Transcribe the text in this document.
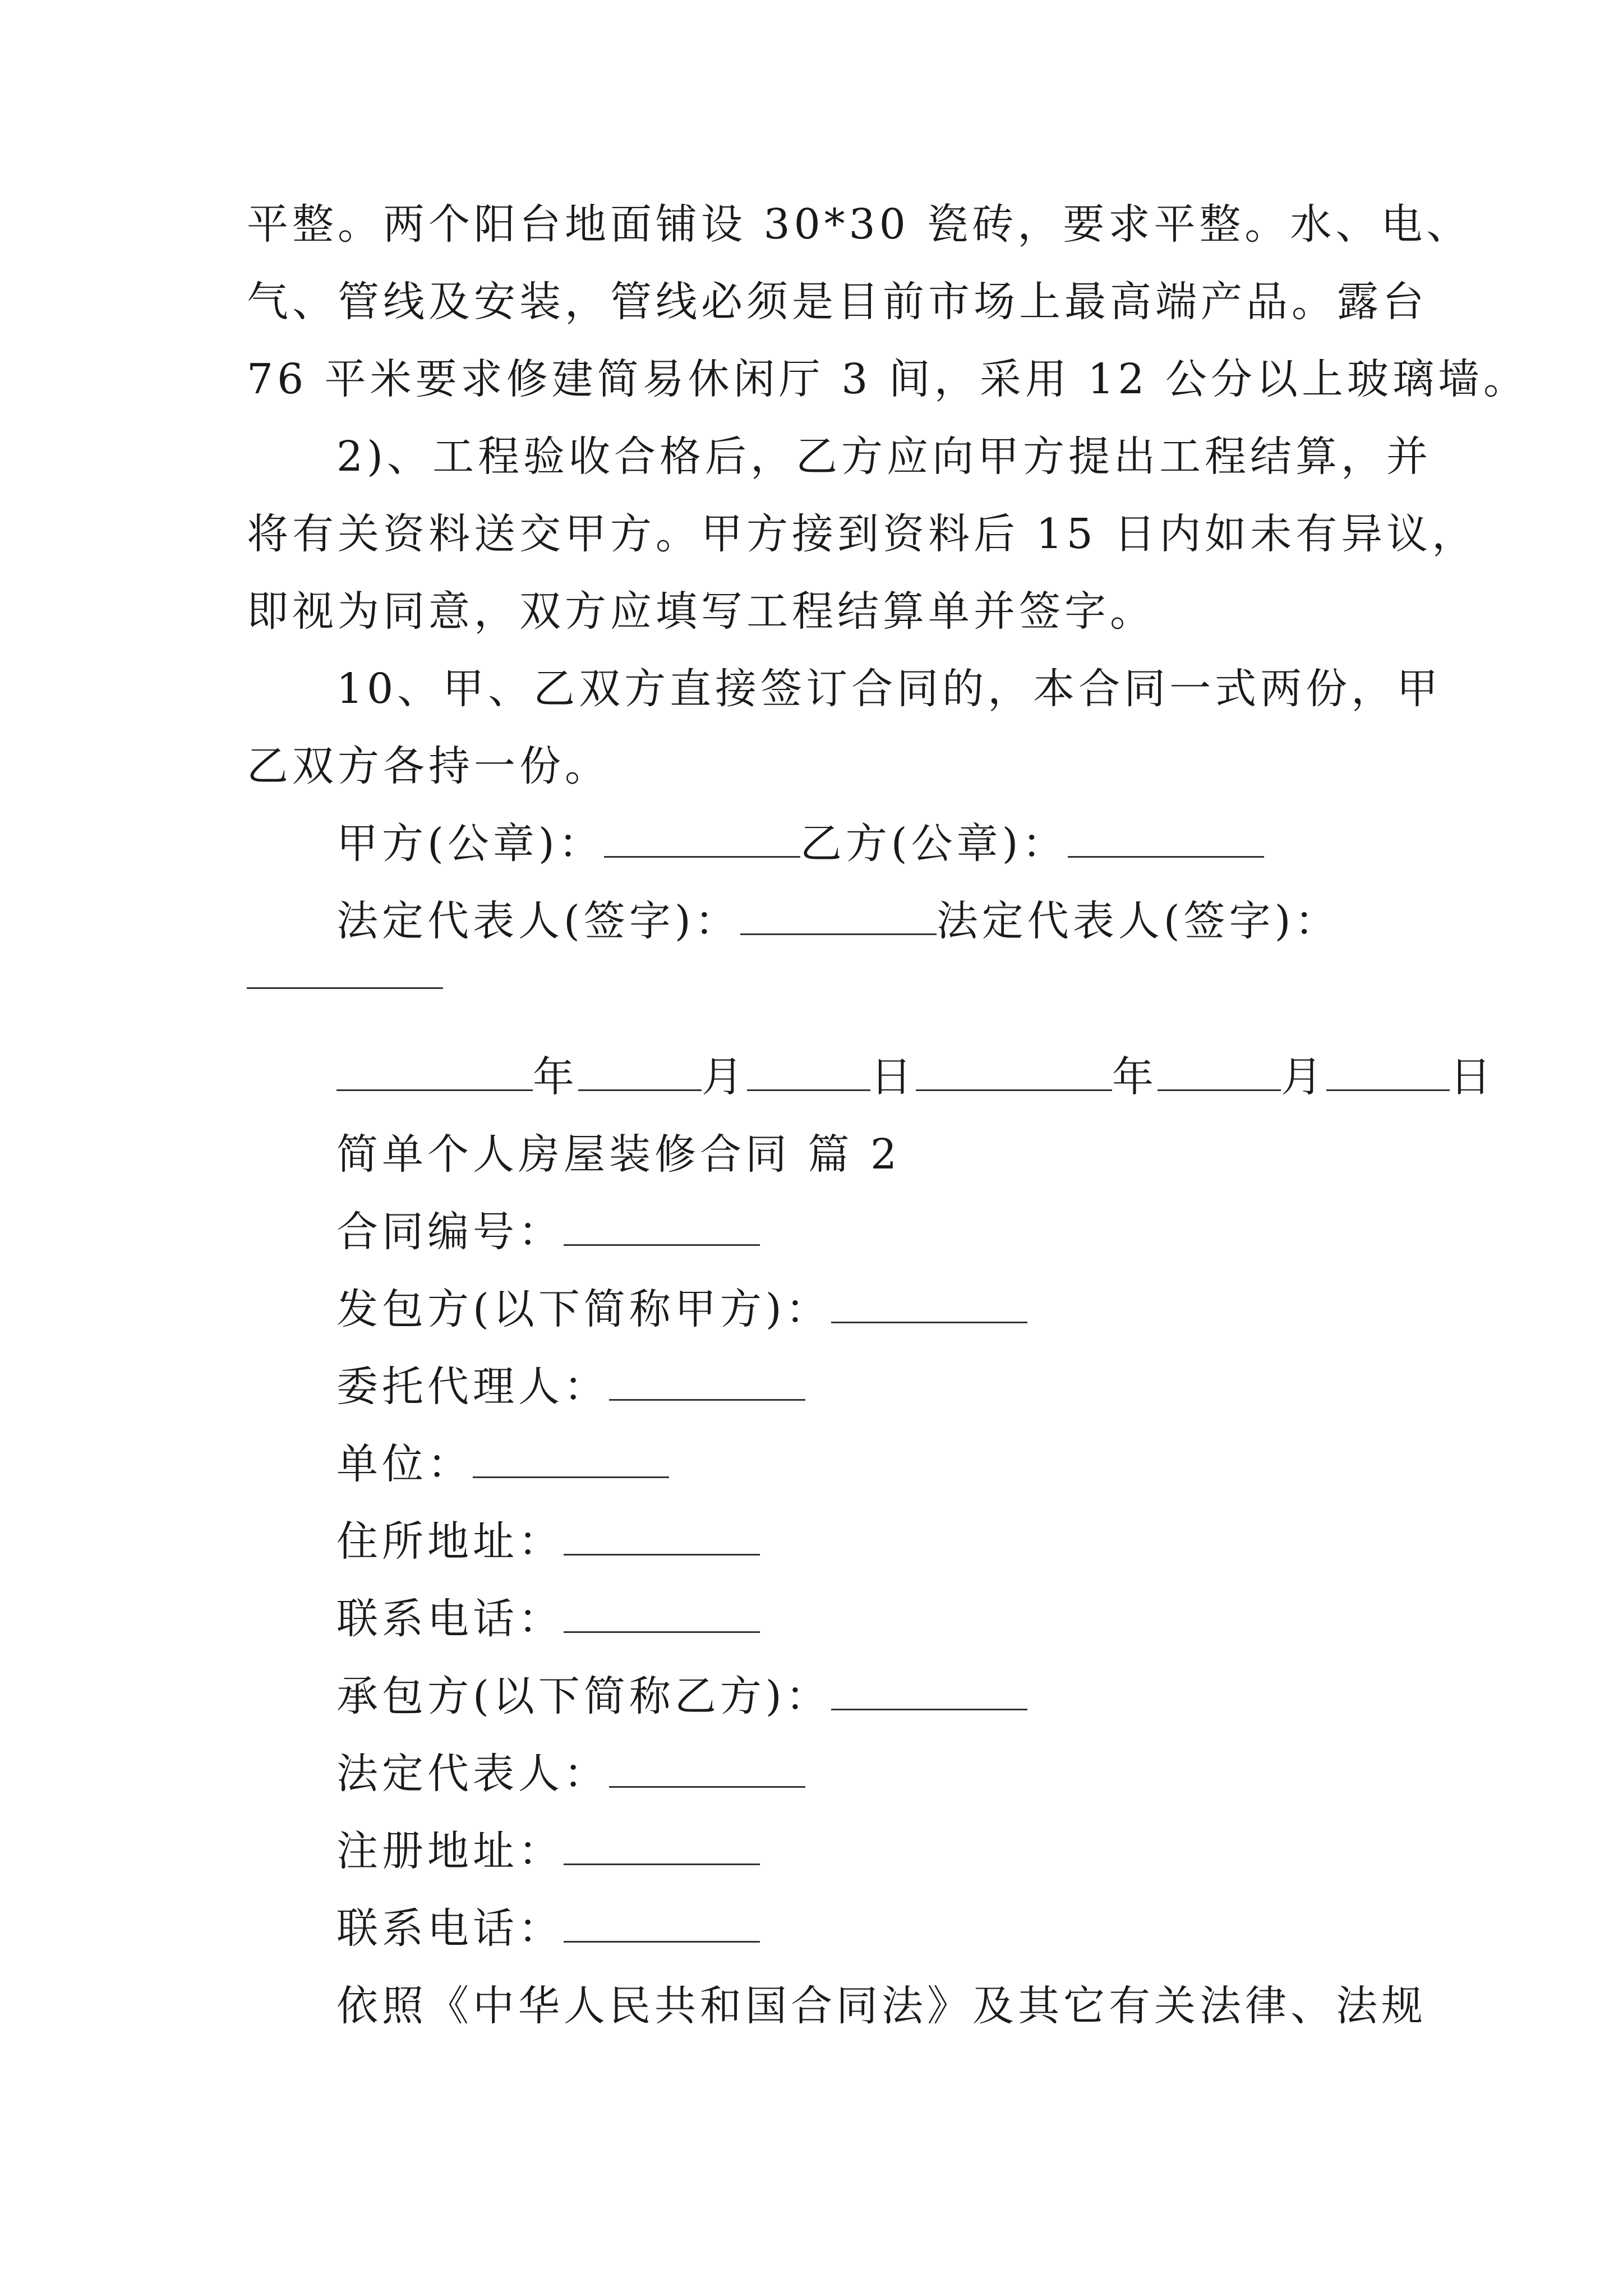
平整。两个阳台地面铺设 30*30 瓷砖，要求平整。水、电、
气、管线及安装，管线必须是目前市场上最高端产品。露台
76 平米要求修建简易休闲厅 3 间，采用 12 公分以上玻璃墙。
2)、工程验收合格后，乙方应向甲方提出工程结算，并
将有关资料送交甲方。甲方接到资料后 15 日内如未有异议，
即视为同意，双方应填写工程结算单并签字。
10、甲、乙双方直接签订合同的，本合同一式两份，甲
乙双方各持一份。
甲方(公章)：	乙方(公章)：
法定代表人(签字)：	法定代表人(签字)：
年	月	日	年	月	日
简单个人房屋装修合同 篇 2
合同编号：
发包方(以下简称甲方)：
委托代理人：
单位：
住所地址：
联系电话：
承包方(以下简称乙方)：
法定代表人：
注册地址：
联系电话：
依照《中华人民共和国合同法》及其它有关法律、法规
